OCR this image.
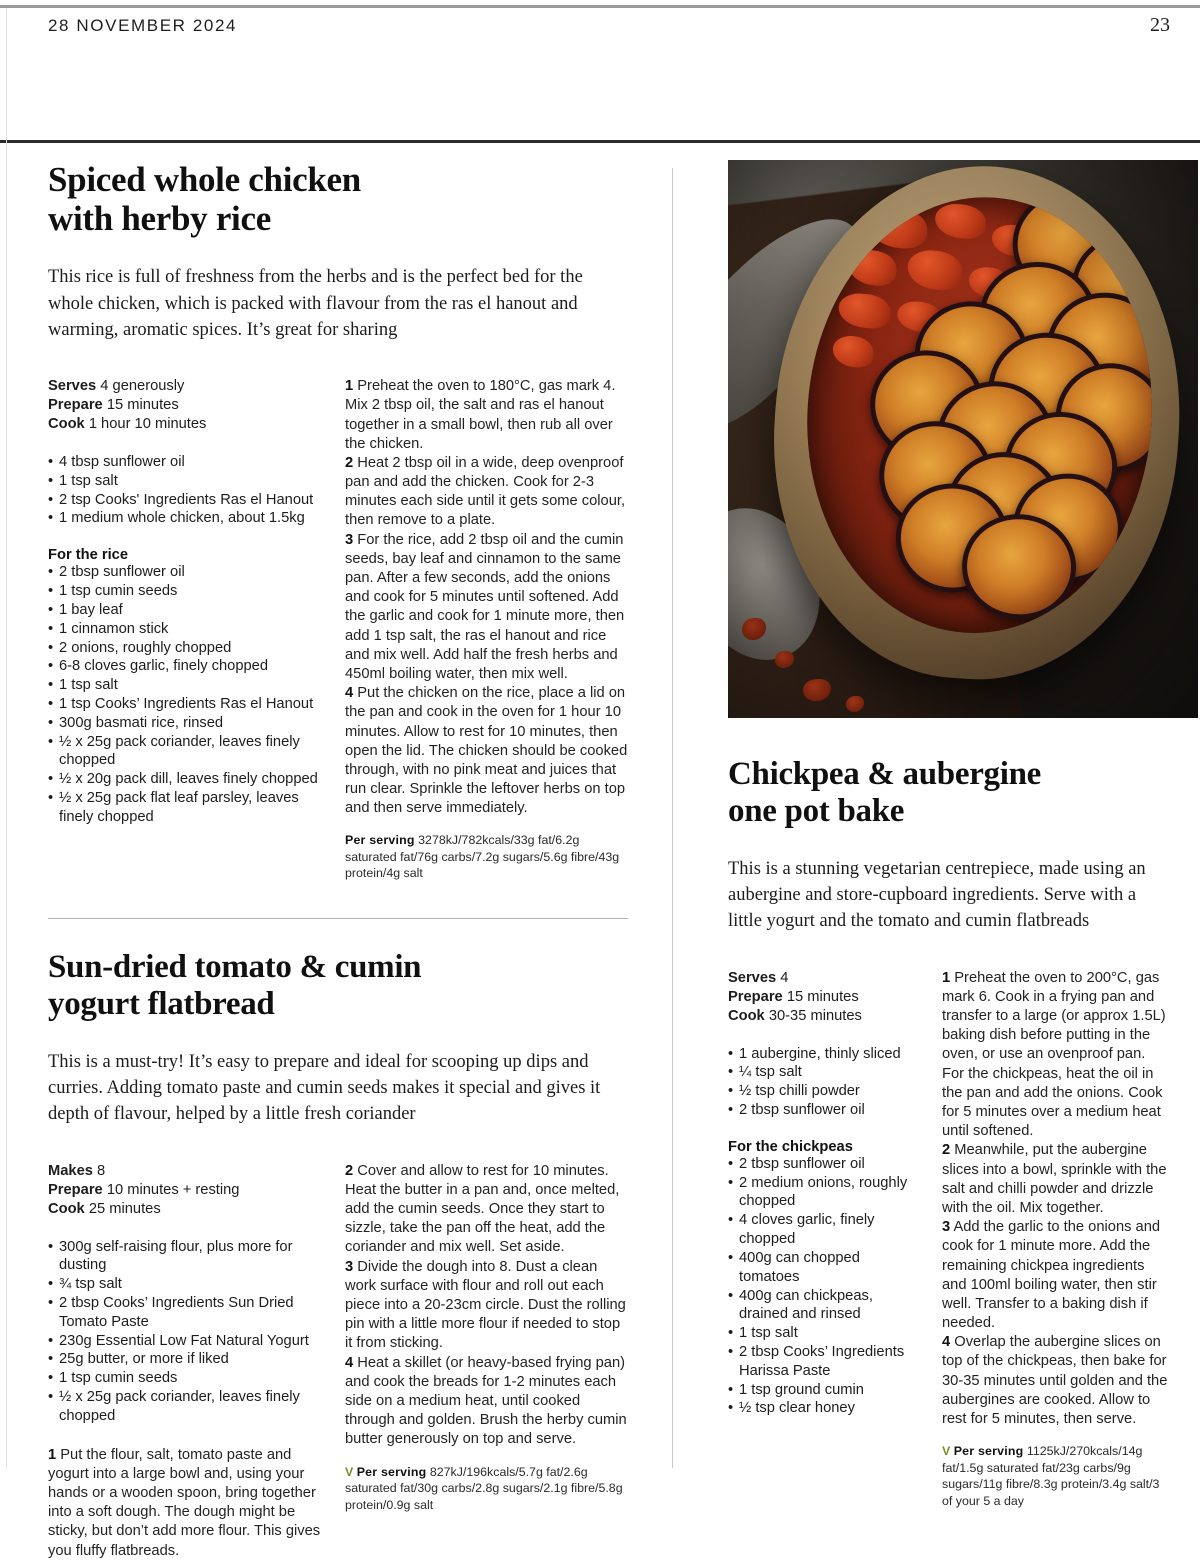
28 NOVEMBER 2024	23
Spiced whole chicken
with herby rice

This rice is full of freshness from the herbs and is the perfect bed for the whole chicken, which is packed with flavour from the ras el hanout and warming, aromatic spices. It’s great for sharing

Serves 4 generously
Prepare 15 minutes
Cook 1 hour 10 minutes
• 4 tbsp sunflower oil
• 1 tsp salt
• 2 tsp Cooks' Ingredients Ras el Hanout
• 1 medium whole chicken, about 1.5kg
For the rice
• 2 tbsp sunflower oil
• 1 tsp cumin seeds
• 1 bay leaf
• 1 cinnamon stick
• 2 onions, roughly chopped
• 6-8 cloves garlic, finely chopped
• 1 tsp salt
• 1 tsp Cooks’ Ingredients Ras el Hanout
• 300g basmati rice, rinsed
• ½ x 25g pack coriander, leaves finely chopped
• ½ x 20g pack dill, leaves finely chopped
• ½ x 25g pack flat leaf parsley, leaves finely chopped

1 Preheat the oven to 180°C, gas mark 4. Mix 2 tbsp oil, the salt and ras el hanout together in a small bowl, then rub all over the chicken.

2 Heat 2 tbsp oil in a wide, deep ovenproof pan and add the chicken. Cook for 2-3 minutes each side until it gets some colour, then remove to a plate.

3 For the rice, add 2 tbsp oil and the cumin seeds, bay leaf and cinnamon to the same pan. After a few seconds, add the onions and cook for 5 minutes until softened. Add the garlic and cook for 1 minute more, then add 1 tsp salt, the ras el hanout and rice and mix well. Add half the fresh herbs and 450ml boiling water, then mix well.

4 Put the chicken on the rice, place a lid on the pan and cook in the oven for 1 hour 10 minutes. Allow to rest for 10 minutes, then open the lid. The chicken should be cooked through, with no pink meat and juices that run clear. Sprinkle the leftover herbs on top and then serve immediately.

Per serving 3278kJ/782kcals/33g fat/6.2g saturated fat/76g carbs/7.2g sugars/5.6g fibre/43g protein/4g salt
Sun-dried tomato & cumin
yogurt flatbread

This is a must-try! It’s easy to prepare and ideal for scooping up dips and curries. Adding tomato paste and cumin seeds makes it special and gives it depth of flavour, helped by a little fresh coriander

Makes 8
Prepare 10 minutes + resting
Cook 25 minutes
• 300g self-raising flour, plus more for dusting
• ¾ tsp salt
• 2 tbsp Cooks’ Ingredients Sun Dried Tomato Paste
• 230g Essential Low Fat Natural Yogurt
• 25g butter, or more if liked
• 1 tsp cumin seeds
• ½ x 25g pack coriander, leaves finely chopped

1 Put the flour, salt, tomato paste and yogurt into a large bowl and, using your hands or a wooden spoon, bring together into a soft dough. The dough might be sticky, but don’t add more flour. This gives you fluffy flatbreads.

2 Cover and allow to rest for 10 minutes. Heat the butter in a pan and, once melted, add the cumin seeds. Once they start to sizzle, take the pan off the heat, add the coriander and mix well. Set aside.

3 Divide the dough into 8. Dust a clean work surface with flour and roll out each piece into a 20-23cm circle. Dust the rolling pin with a little more flour if needed to stop it from sticking.

4 Heat a skillet (or heavy-based frying pan) and cook the breads for 1-2 minutes each side on a medium heat, until cooked through and golden. Brush the herby cumin butter generously on top and serve.

V Per serving 827kJ/196kcals/5.7g fat/2.6g saturated fat/30g carbs/2.8g sugars/2.1g fibre/5.8g protein/0.9g salt
Chickpea & aubergine
one pot bake

This is a stunning vegetarian centrepiece, made using an aubergine and store-cupboard ingredients. Serve with a little yogurt and the tomato and cumin flatbreads

Serves 4
Prepare 15 minutes
Cook 30-35 minutes
• 1 aubergine, thinly sliced
• ¼ tsp salt
• ½ tsp chilli powder
• 2 tbsp sunflower oil
For the chickpeas
• 2 tbsp sunflower oil
• 2 medium onions, roughly chopped
• 4 cloves garlic, finely chopped
• 400g can chopped tomatoes
• 400g can chickpeas, drained and rinsed
• 1 tsp salt
• 2 tbsp Cooks’ Ingredients Harissa Paste
• 1 tsp ground cumin
• ½ tsp clear honey

1 Preheat the oven to 200°C, gas mark 6. Cook in a frying pan and transfer to a large (or approx 1.5L) baking dish before putting in the oven, or use an ovenproof pan. For the chickpeas, heat the oil in the pan and add the onions. Cook for 5 minutes over a medium heat until softened.

2 Meanwhile, put the aubergine slices into a bowl, sprinkle with the salt and chilli powder and drizzle with the oil. Mix together.

3 Add the garlic to the onions and cook for 1 minute more. Add the remaining chickpea ingredients and 100ml boiling water, then stir well. Transfer to a baking dish if needed.

4 Overlap the aubergine slices on top of the chickpeas, then bake for 30-35 minutes until golden and the aubergines are cooked. Allow to rest for 5 minutes, then serve.

V Per serving 1125kJ/270kcals/14g fat/1.5g saturated fat/23g carbs/9g sugars/11g fibre/8.3g protein/3.4g salt/3 of your 5 a day
